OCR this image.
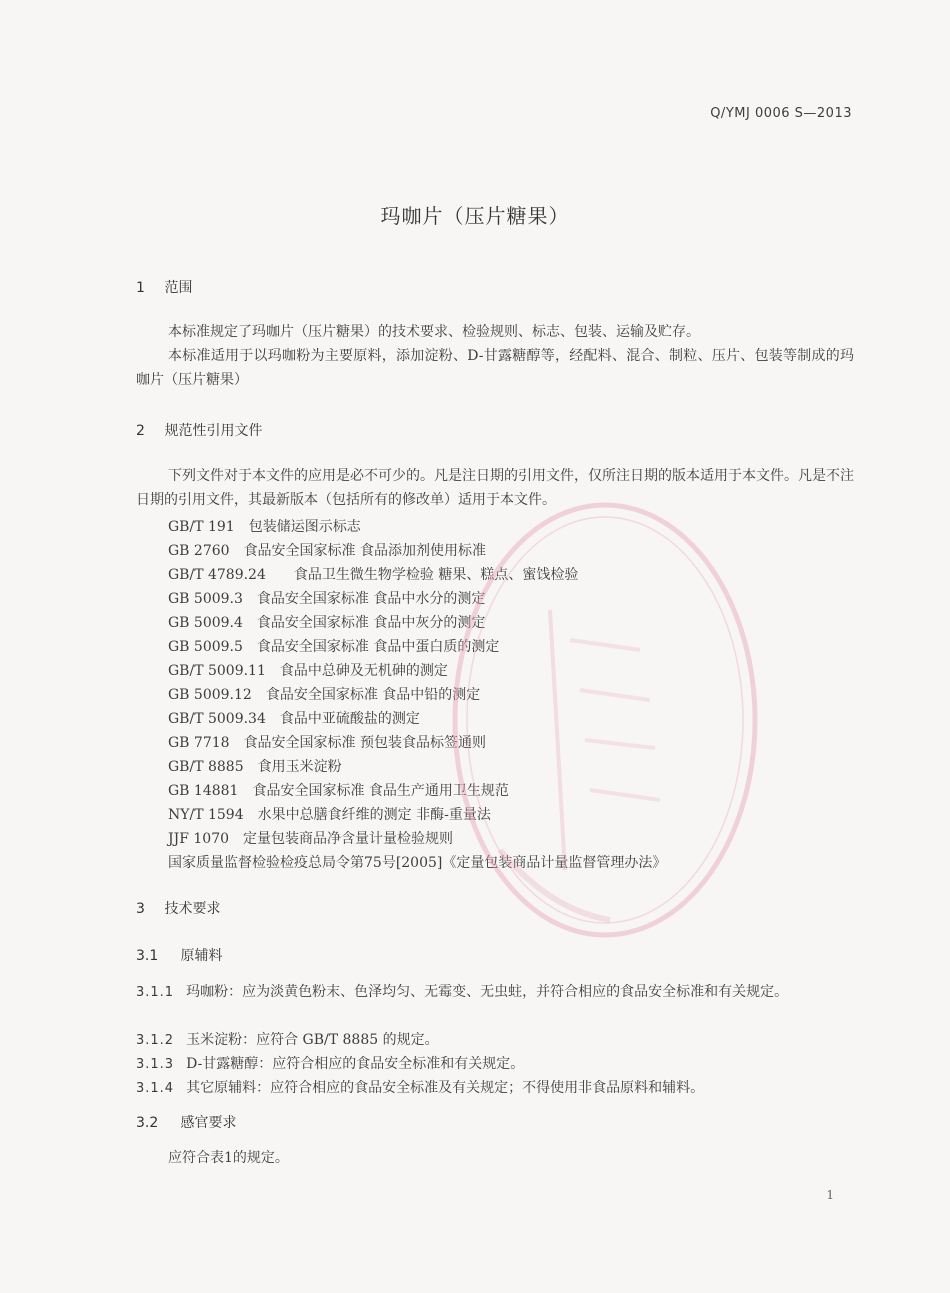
Q/YMJ 0006 S—2013
玛咖片（压片糖果）
1 范围
本标准规定了玛咖片（压片糖果）的技术要求、检验规则、标志、包装、运输及贮存。
本标准适用于以玛咖粉为主要原料，添加淀粉、D-甘露糖醇等，经配料、混合、制粒、压片、包装等制成的玛咖片（压片糖果）
2 规范性引用文件
下列文件对于本文件的应用是必不可少的。凡是注日期的引用文件，仅所注日期的版本适用于本文件。凡是不注日期的引用文件，其最新版本（包括所有的修改单）适用于本文件。
GB/T 191 包装储运图示标志
GB 2760 食品安全国家标准 食品添加剂使用标准
GB/T 4789.24 食品卫生微生物学检验 糖果、糕点、蜜饯检验
GB 5009.3 食品安全国家标准 食品中水分的测定
GB 5009.4 食品安全国家标准 食品中灰分的测定
GB 5009.5 食品安全国家标准 食品中蛋白质的测定
GB/T 5009.11 食品中总砷及无机砷的测定
GB 5009.12 食品安全国家标准 食品中铅的测定
GB/T 5009.34 食品中亚硫酸盐的测定
GB 7718 食品安全国家标准 预包装食品标签通则
GB/T 8885 食用玉米淀粉
GB 14881 食品安全国家标准 食品生产通用卫生规范
NY/T 1594 水果中总膳食纤维的测定 非酶-重量法
JJF 1070 定量包装商品净含量计量检验规则
国家质量监督检验检疫总局令第75号[2005]《定量包装商品计量监督管理办法》
3 技术要求
3.1 原辅料
3.1.1 玛咖粉：应为淡黄色粉末、色泽均匀、无霉变、无虫蛀，并符合相应的食品安全标准和有关规定。
3.1.2 玉米淀粉：应符合 GB/T 8885 的规定。
3.1.3 D-甘露糖醇：应符合相应的食品安全标准和有关规定。
3.1.4 其它原辅料：应符合相应的食品安全标准及有关规定；不得使用非食品原料和辅料。
3.2 感官要求
应符合表1的规定。
1
